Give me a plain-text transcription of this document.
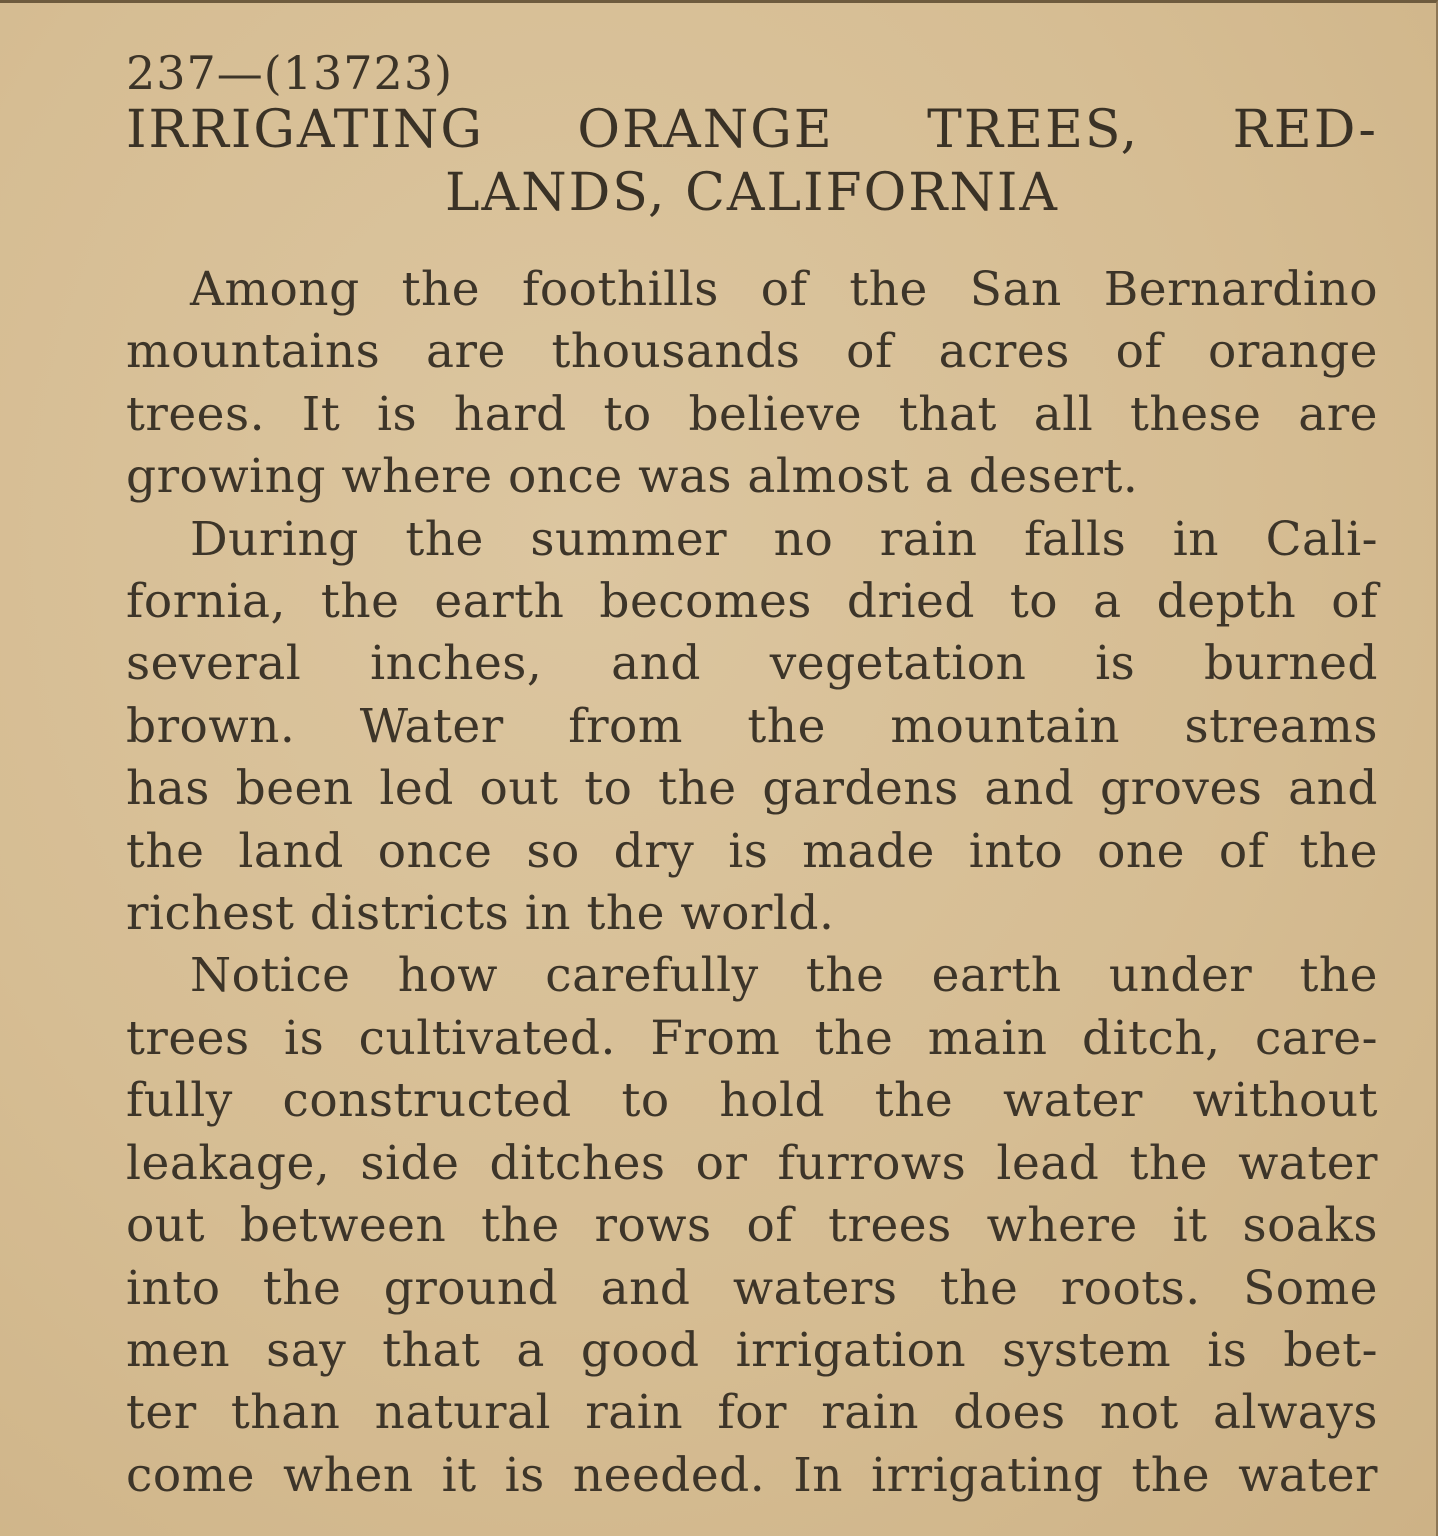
237—(13723)
IRRIGATING ORANGE TREES, RED-
LANDS, CALIFORNIA
Among the foothills of the San Bernardino
mountains are thousands of acres of orange
trees. It is hard to believe that all these are
growing where once was almost a desert.
During the summer no rain falls in Cali-
fornia, the earth becomes dried to a depth of
several inches, and vegetation is burned
brown. Water from the mountain streams
has been led out to the gardens and groves and
the land once so dry is made into one of the
richest districts in the world.
Notice how carefully the earth under the
trees is cultivated. From the main ditch, care-
fully constructed to hold the water without
leakage, side ditches or furrows lead the water
out between the rows of trees where it soaks
into the ground and waters the roots. Some
men say that a good irrigation system is bet-
ter than natural rain for rain does not always
come when it is needed. In irrigating the water
